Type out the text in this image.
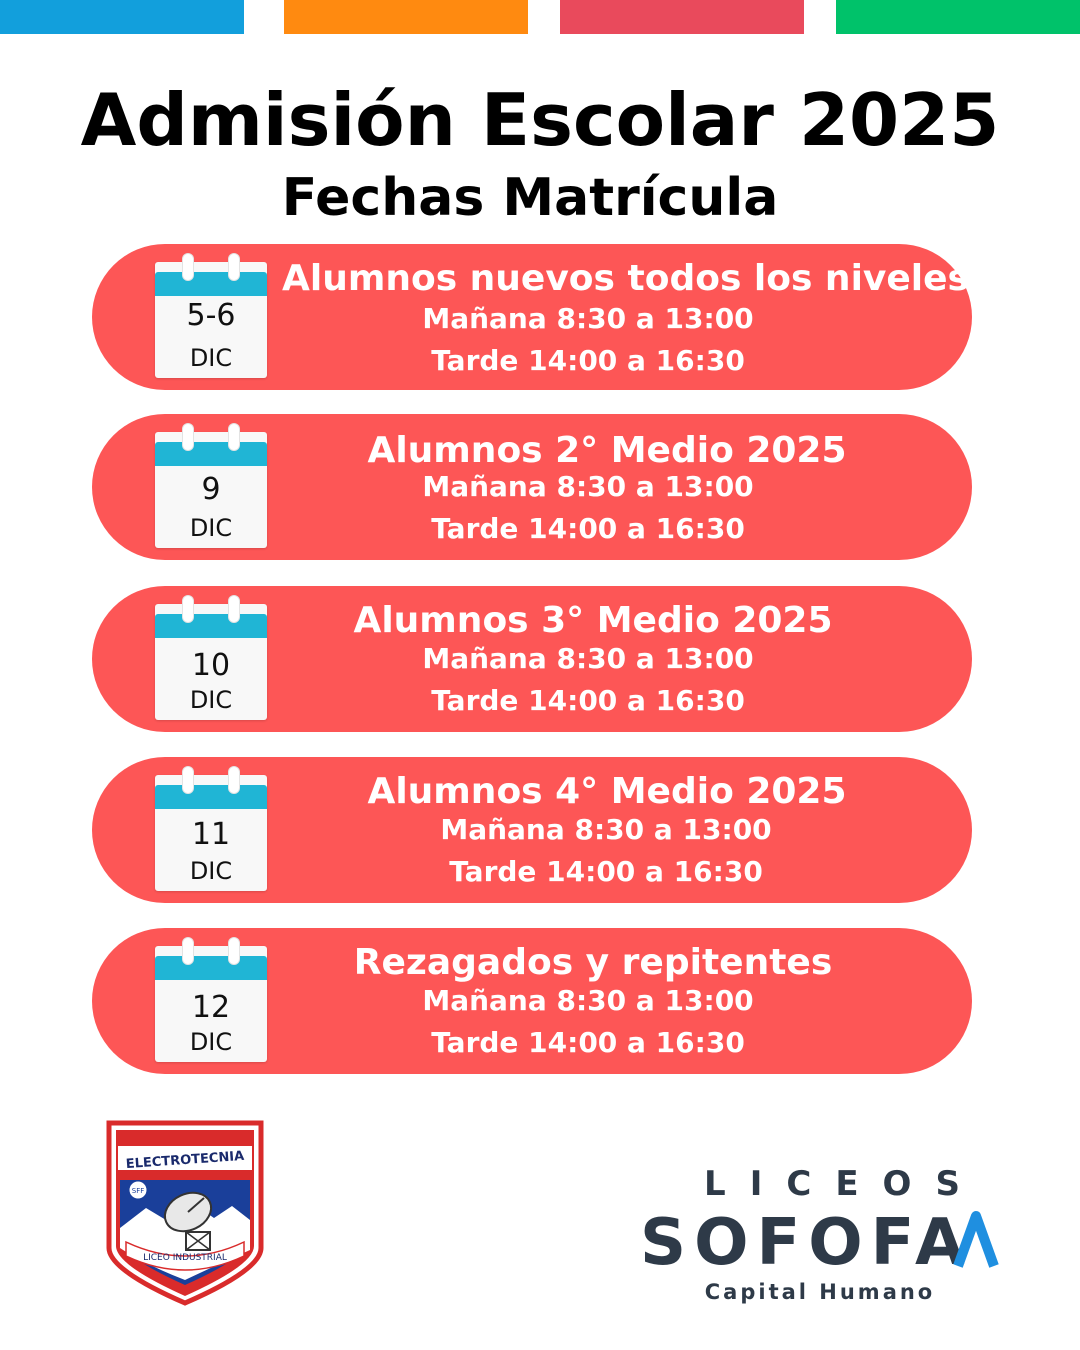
Admisión Escolar 2025
Fechas Matrícula
5-6
DIC
Alumnos nuevos todos los niveles
Mañana 8:30 a 13:00
Tarde 14:00 a 16:30
9
DIC
Alumnos 2° Medio 2025
Mañana 8:30 a 13:00
Tarde 14:00 a 16:30
10
DIC
Alumnos 3° Medio 2025
Mañana 8:30 a 13:00
Tarde 14:00 a 16:30
11
DIC
Alumnos 4° Medio 2025
Mañana 8:30 a 13:00
Tarde 14:00 a 16:30
12
DIC
Rezagados y repitentes
Mañana 8:30 a 13:00
Tarde 14:00 a 16:30
ELECTROTECNIA
SFF
LICEO INDUSTRIAL
LICEOS
SOFOFA
Capital Humano
